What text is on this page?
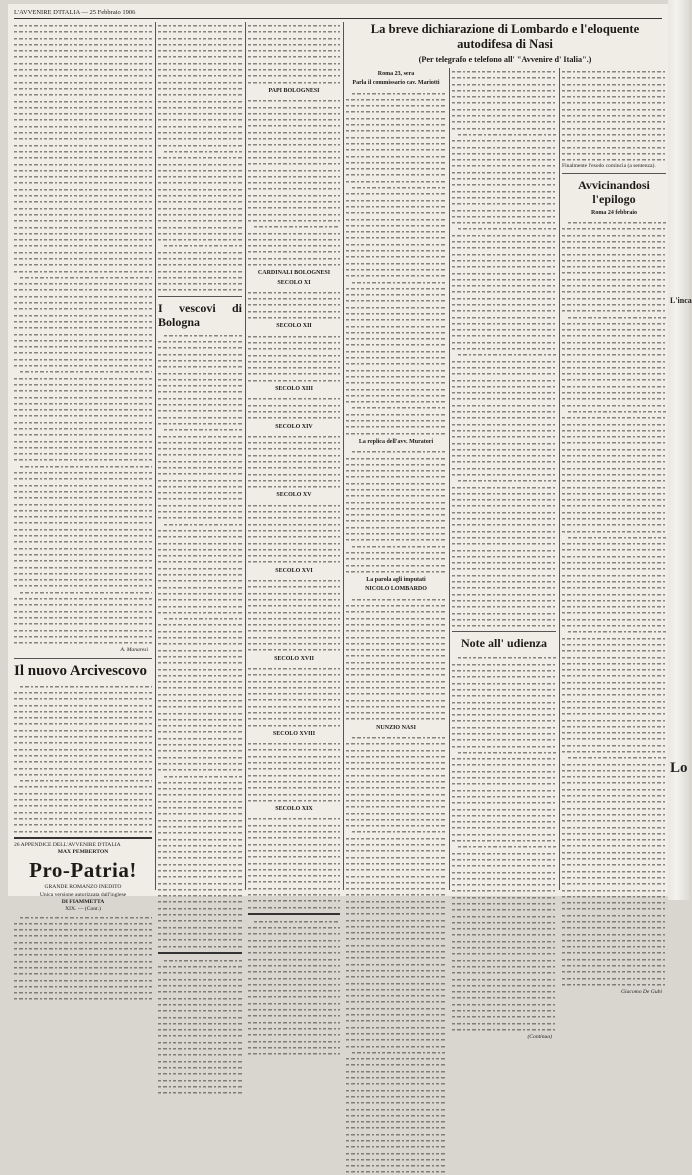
L'AVVENIRE D'ITALIA — 25 Febbraio 1906
A. Manaresi
Il nuovo Arcivescovo
26 APPENDICE DELL'AVVENIRE D'ITALIA
MAX PEMBERTON
Pro-Patria!
GRANDE ROMANZO INEDITO
Unica versione autorizzata dall'inglese
DI FIAMMETTA
XIX. — (Cont.)
I vescovi di Bologna
PAPI BOLOGNESI
CARDINALI BOLOGNESI
SECOLO XI
SECOLO XII
SECOLO XIII
SECOLO XIV
SECOLO XV
SECOLO XVI
SECOLO XVII
SECOLO XVIII
SECOLO XIX
La breve dichiarazione di Lombardo e l'eloquente autodifesa di Nasi
(Per telegrafo e telefono all' "Avvenire d' Italia".)
Roma 23, sera
Parla il commissario cav. Mariotti
La replica dell'avv. Muratori
La parola agli imputati
NICOLO LOMBARDO
NUNZIO NASI
Note all' udienza
(Continua)
Finalmente l'esodo comincia (a sentenza).
Avvicinandosi l'epilogo
Roma 24 febbraio
Giacomo De Gubi
L'inca
Lo
